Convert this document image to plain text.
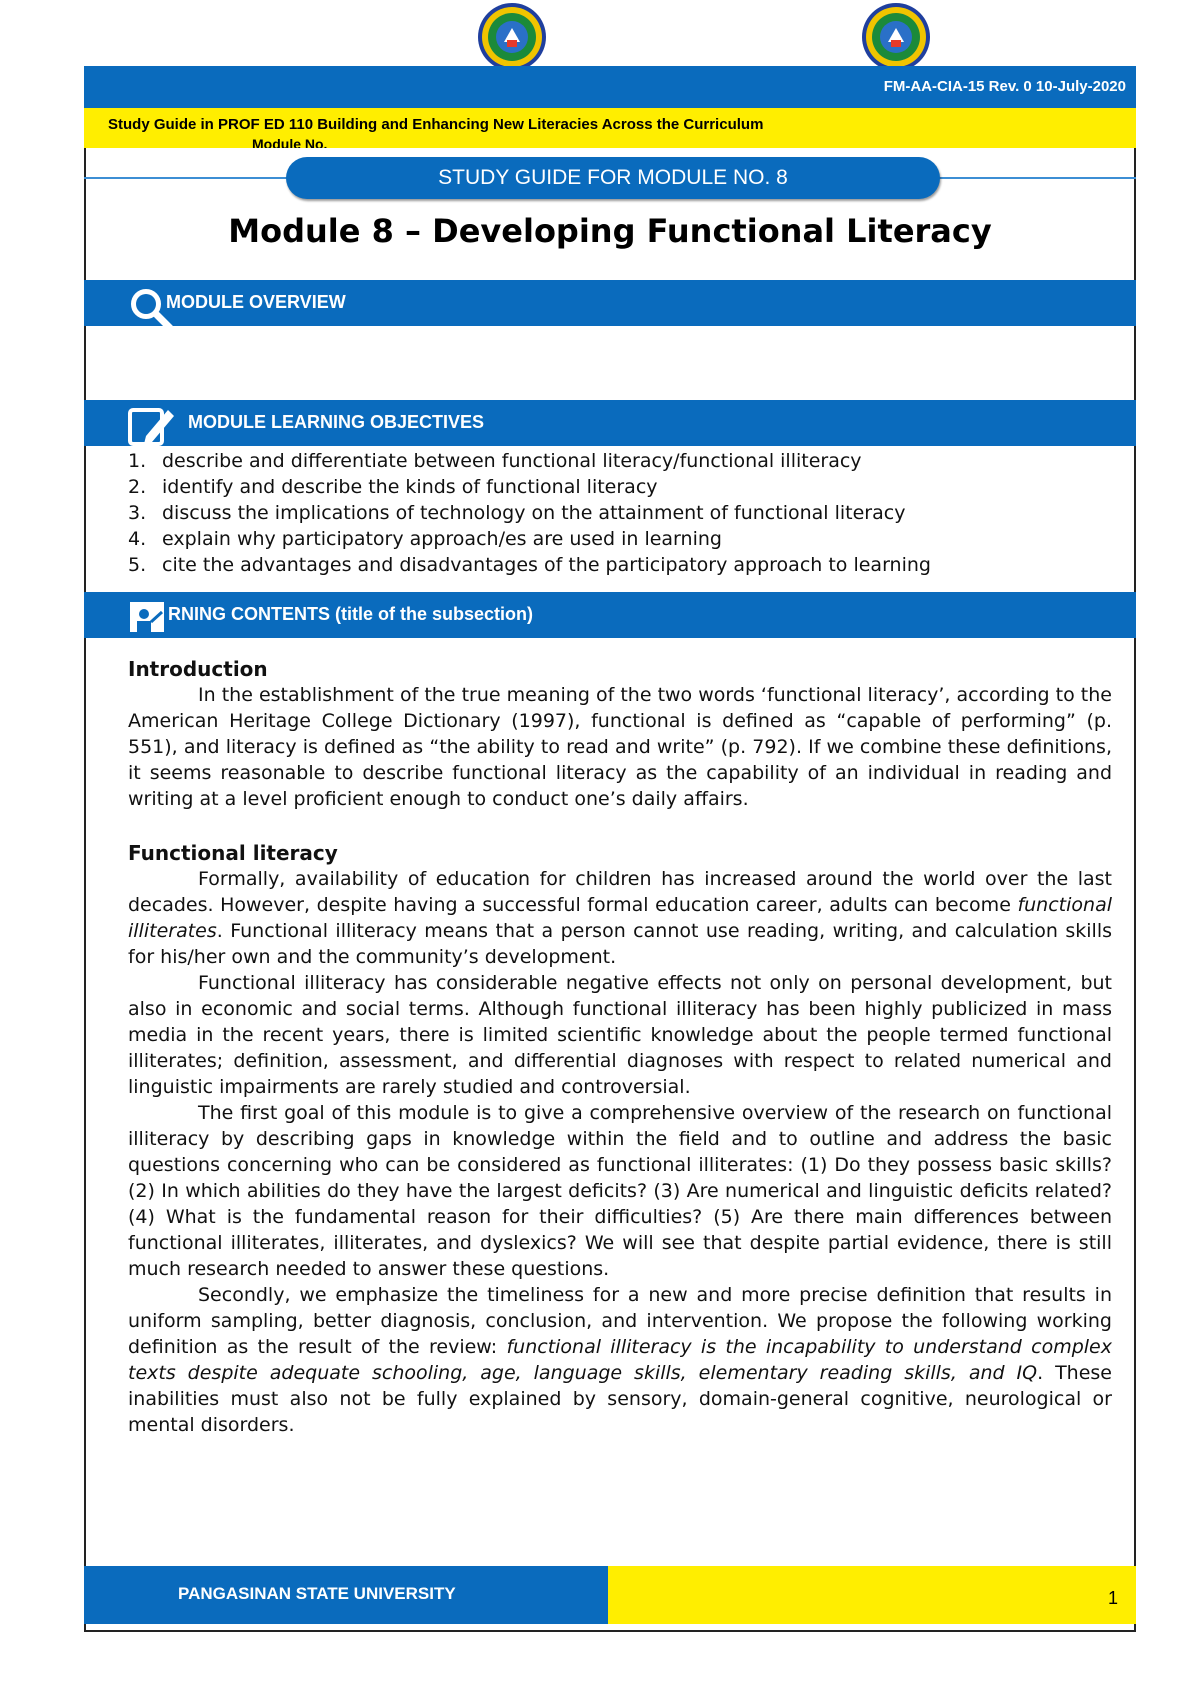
FM-AA-CIA-15 Rev. 0 10-July-2020
Study Guide in PROF ED 110 Building and Enhancing New Literacies Across the Curriculum
Module No.
STUDY GUIDE FOR MODULE NO. 8
Module 8 – Developing Functional Literacy
MODULE OVERVIEW
MODULE LEARNING OBJECTIVES
1. describe and differentiate between functional literacy/functional illiteracy
2. identify and describe the kinds of functional literacy
3. discuss the implications of technology on the attainment of functional literacy
4. explain why participatory approach/es are used in learning
5. cite the advantages and disadvantages of the participatory approach to learning
RNING CONTENTS (title of the subsection)
Introduction

In the establishment of the true meaning of the two words ‘functional literacy’, according to the American Heritage College Dictionary (1997), functional is defined as “capable of performing” (p. 551), and literacy is defined as “the ability to read and write” (p. 792). If we combine these definitions, it seems reasonable to describe functional literacy as the capability of an individual in reading and writing at a level proficient enough to conduct one’s daily affairs.

Functional literacy

Formally, availability of education for children has increased around the world over the last decades. However, despite having a successful formal education career, adults can become functional illiterates. Functional illiteracy means that a person cannot use reading, writing, and calculation skills for his/her own and the community’s development.

Functional illiteracy has considerable negative effects not only on personal development, but also in economic and social terms. Although functional illiteracy has been highly publicized in mass media in the recent years, there is limited scientific knowledge about the people termed functional illiterates; definition, assessment, and differential diagnoses with respect to related numerical and linguistic impairments are rarely studied and controversial.

The first goal of this module is to give a comprehensive overview of the research on functional illiteracy by describing gaps in knowledge within the field and to outline and address the basic questions concerning who can be considered as functional illiterates: (1) Do they possess basic skills? (2) In which abilities do they have the largest deficits? (3) Are numerical and linguistic deficits related? (4) What is the fundamental reason for their difficulties? (5) Are there main differences between functional illiterates, illiterates, and dyslexics? We will see that despite partial evidence, there is still much research needed to answer these questions.

Secondly, we emphasize the timeliness for a new and more precise definition that results in uniform sampling, better diagnosis, conclusion, and intervention. We propose the following working definition as the result of the review: functional illiteracy is the incapability to understand complex texts despite adequate schooling, age, language skills, elementary reading skills, and IQ. These inabilities must also not be fully explained by sensory, domain-general cognitive, neurological or mental disorders.

PANGASINAN STATE UNIVERSITY	1
